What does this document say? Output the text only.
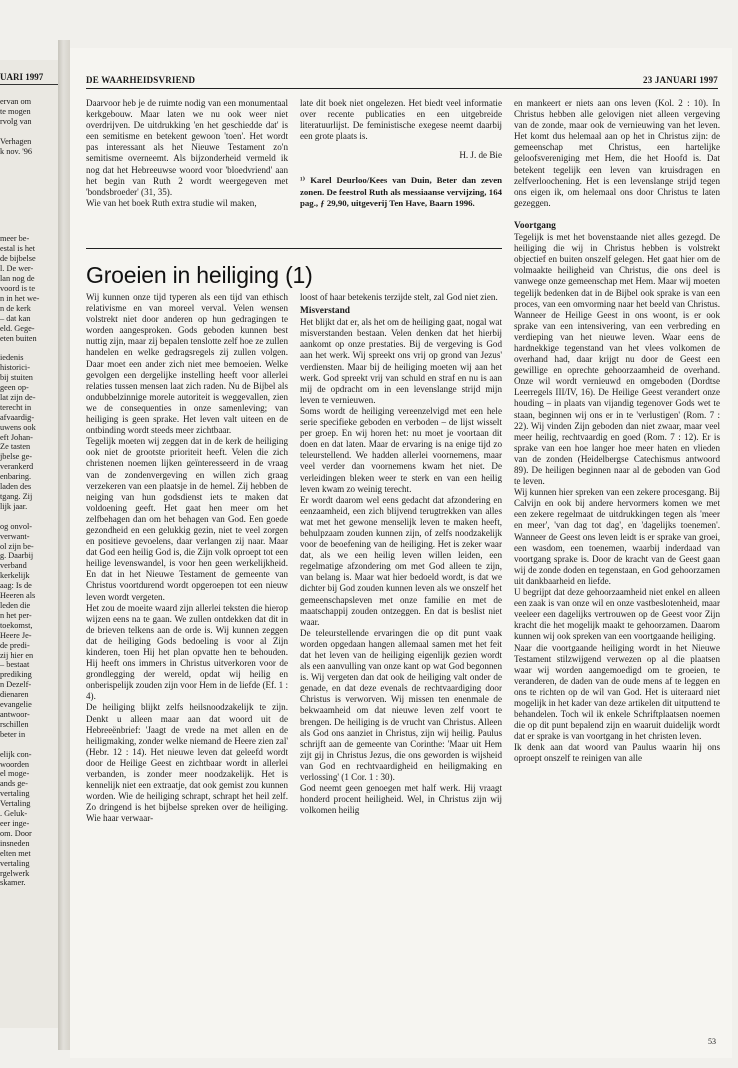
UARI 1997

ervan om

te mogen

rvolg van

Verhagen

k nov. '96

meer be-

estal is het

de bijbelse

l. De wer-

lan nog de

voord is te

n in het we-

n de kerk

– dat kan

eld. Gege-

eten buiten

iedenis

historici-

bij stuiten

geen op-

lat zijn de-

terecht in

afvaardig-

uwens ook

eft Johan-

Ze tasten

jbelse ge-

verankerd

enbaring.

laden des

tgang. Zij

lijk jaar.

og onvol-

verwant-

ol zijn be-

g. Daarbij

verband

kerkelijk

aag: Is de

Heeren als

leden die

n het per-

toekomst,

Heere Je-

de predi-

zij hier en

– bestaat

prediking

n Dezelf-

dienaren

evangelie

antwoor-

rschillen

beter in

elijk con-

woorden

el moge-

ands ge-

vertaling

Vertaling

. Geluk-

eer inge-

om. Door

insneden

elten met

vertaling

rgelwerk

skamer.

DE WAARHEIDSVRIEND	23 JANUARI 1997

Daarvoor heb je de ruimte nodig van een monumentaal kerkgebouw. Maar laten we nu ook weer niet overdrijven. De uitdrukking 'en het geschiedde dat' is een semitisme en betekent gewoon 'toen'. Het wordt pas interessant als het Nieuwe Testament zo'n semitisme overneemt. Als bijzonderheid vermeld ik nog dat het Hebreeuwse woord voor 'bloedvriend' aan het begin van Ruth 2 wordt weergegeven met 'bondsbroeder' (31, 35).

Wie van het boek Ruth extra studie wil maken,

late dit boek niet ongelezen. Het biedt veel informatie over recente publicaties en een uitgebreide literatuurlijst. De feministische exegese neemt daarbij een grote plaats is.

H. J. de Bie

¹⁾ Karel Deurloo/Kees van Duin, Beter dan zeven zonen. De feestrol Ruth als messiaanse vervijzing, 164 pag., ƒ 29,90, uitgeverij Ten Have, Baarn 1996.

Groeien in heiliging (1)

Wij kunnen onze tijd typeren als een tijd van ethisch relativisme en van moreel verval. Velen wensen volstrekt niet door anderen op hun gedragingen te worden aangesproken. Gods geboden kunnen best nuttig zijn, maar zij bepalen tenslotte zelf hoe ze zullen handelen en welke gedragsregels zij zullen volgen. Daar moet een ander zich niet mee bemoeien. Welke gevolgen een dergelijke instelling heeft voor allerlei relaties tussen mensen laat zich raden. Nu de Bijbel als ondubbelzinnige morele autoriteit is weggevallen, zien we de consequenties in onze samenleving; van heiliging is geen sprake. Het leven valt uiteen en de ontbinding wordt steeds meer zichtbaar.

Tegelijk moeten wij zeggen dat in de kerk de heiliging ook niet de grootste prioriteit heeft. Velen die zich christenen noemen lijken geïnteresseerd in de vraag van de zondenvergeving en willen zich graag verzekeren van een plaatsje in de hemel. Zij hebben de neiging van hun godsdienst iets te maken dat voldoening geeft. Het gaat hen meer om het zelfbehagen dan om het behagen van God. Een goede gezondheid en een gelukkig gezin, niet te veel zorgen en positieve gevoelens, daar verlangen zij naar. Maar dat God een heilig God is, die Zijn volk oproept tot een heilige levenswandel, is voor hen geen werkelijkheid. En dat in het Nieuwe Testament de gemeente van Christus voortdurend wordt opgeroepen tot een nieuw leven wordt vergeten.

Het zou de moeite waard zijn allerlei teksten die hierop wijzen eens na te gaan. We zullen ontdekken dat dit in de brieven telkens aan de orde is. Wij kunnen zeggen dat de heiliging Gods bedoeling is voor al Zijn kinderen, toen Hij het plan opvatte hen te behouden. Hij heeft ons immers in Christus uitverkoren voor de grondlegging der wereld, opdat wij heilig en onberispelijk zouden zijn voor Hem in de liefde (Ef. 1 : 4).

De heiliging blijkt zelfs heilsnoodzakelijk te zijn. Denkt u alleen maar aan dat woord uit de Hebreeënbrief: 'Jaagt de vrede na met allen en de heiligmaking, zonder welke niemand de Heere zien zal' (Hebr. 12 : 14). Het nieuwe leven dat geleefd wordt door de Heilige Geest en zichtbaar wordt in allerlei verbanden, is zonder meer noodzakelijk. Het is kennelijk niet een extraatje, dat ook gemist zou kunnen worden. Wie de heiliging schrapt, schrapt het heil zelf. Zo dringend is het bijbelse spreken over de heiliging. Wie haar verwaar-

loost of haar betekenis terzijde stelt, zal God niet zien.

Misverstand

Het blijkt dat er, als het om de heiliging gaat, nogal wat misverstanden bestaan. Velen denken dat het hierbij aankomt op onze prestaties. Bij de vergeving is God aan het werk. Wij spreekt ons vrij op grond van Jezus' verdiensten. Maar bij de heiliging moeten wij aan het werk. God spreekt vrij van schuld en straf en nu is aan mij de opdracht om in een levenslange strijd mijn leven te vernieuwen.

Soms wordt de heiliging vereenzelvigd met een hele serie specifieke geboden en verboden – de lijst wisselt per groep. En wij horen het: nu moet je voortaan dit doen en dat laten. Maar de ervaring is na enige tijd zo teleurstellend. We hadden allerlei voornemens, maar veel verder dan voornemens kwam het niet. De verleidingen bleken weer te sterk en van een heilig leven kwam zo weinig terecht.

Er wordt daarom wel eens gedacht dat afzondering en eenzaamheid, een zich blijvend terugtrekken van alles wat met het gewone menselijk leven te maken heeft, behulpzaam zouden kunnen zijn, of zelfs noodzakelijk voor de beoefening van de heiliging. Het is zeker waar dat, als we een heilig leven willen leiden, een regelmatige afzondering om met God alleen te zijn, van belang is. Maar wat hier bedoeld wordt, is dat we dichter bij God zouden kunnen leven als we onszelf het gemeenschapsleven met onze familie en met de maatschappij zouden ontzeggen. En dat is beslist niet waar.

De teleurstellende ervaringen die op dit punt vaak worden opgedaan hangen allemaal samen met het feit dat het leven van de heiliging eigenlijk gezien wordt als een aanvulling van onze kant op wat God begonnen is. Wij vergeten dan dat ook de heiliging valt onder de genade, en dat deze evenals de rechtvaardiging door Christus is verworven. Wij missen ten enenmale de bekwaamheid om dat nieuwe leven zelf voort te brengen. De heiliging is de vrucht van Christus. Alleen als God ons aanziet in Christus, zijn wij heilig. Paulus schrijft aan de gemeente van Corinthe: 'Maar uit Hem zijt gij in Christus Jezus, die ons geworden is wijsheid van God en rechtvaardigheid en heiligmaking en verlossing' (1 Cor. 1 : 30).

God neemt geen genoegen met half werk. Hij vraagt honderd procent heiligheid. Wel, in Christus zijn wij volkomen heilig

en mankeert er niets aan ons leven (Kol. 2 : 10). In Christus hebben alle gelovigen niet alleen vergeving van de zonde, maar ook de vernieuwing van het leven. Het komt dus helemaal aan op het in Christus zijn: de gemeenschap met Christus, een hartelijke geloofsvereniging met Hem, die het Hoofd is. Dat betekent tegelijk een leven van kruisdragen en zelfverloochening. Het is een levenslange strijd tegen ons eigen ik, om helemaal ons door Christus te laten gezeggen.

Voortgang

Tegelijk is met het bovenstaande niet alles gezegd. De heiliging die wij in Christus hebben is volstrekt objectief en buiten onszelf gelegen. Het gaat hier om de volmaakte heiligheid van Christus, die ons deel is vanwege onze gemeenschap met Hem. Maar wij moeten tegelijk bedenken dat in de Bijbel ook sprake is van een proces, van een omvorming naar het beeld van Christus. Wanneer de Heilige Geest in ons woont, is er ook sprake van een intensivering, van een verbreding en verdieping van het nieuwe leven. Waar eens de hardnekkige tegenstand van het vlees volkomen de overhand had, daar krijgt nu door de Geest een gewillige en oprechte gehoorzaamheid de overhand. Onze wil wordt vernieuwd en omgeboden (Dordtse Leerregels III/IV, 16). De Heilige Geest verandert onze houding – in plaats van vijandig tegenover Gods wet te staan, beginnen wij ons er in te 'verlustigen' (Rom. 7 : 22). Wij vinden Zijn geboden dan niet zwaar, maar veel meer heilig, rechtvaardig en goed (Rom. 7 : 12). Er is sprake van een hoe langer hoe meer haten en vlieden van de zonden (Heidelbergse Catechismus antwoord 89). De heiligen beginnen naar al de geboden van God te leven.

Wij kunnen hier spreken van een zekere procesgang. Bij Calvijn en ook bij andere hervormers komen we met een zekere regelmaat de uitdrukkingen tegen als 'meer en meer', 'van dag tot dag', en 'dagelijks toenemen'. Wanneer de Geest ons leven leidt is er sprake van groei, een wasdom, een toenemen, waarbij inderdaad van voortgang sprake is. Door de kracht van de Geest gaan wij de zonde doden en tegenstaan, en God gehoorzamen uit dankbaarheid en liefde.

U begrijpt dat deze gehoorzaamheid niet enkel en alleen een zaak is van onze wil en onze vastbeslotenheid, maar veeleer een dagelijks vertrouwen op de Geest voor Zijn kracht die het mogelijk maakt te gehoorzamen. Daarom kunnen wij ook spreken van een voortgaande heiliging.

Naar die voortgaande heiliging wordt in het Nieuwe Testament stilzwijgend verwezen op al die plaatsen waar wij worden aangemoedigd om te groeien, te veranderen, de daden van de oude mens af te leggen en ons te richten op de wil van God. Het is uiteraard niet mogelijk in het kader van deze artikelen dit uitputtend te behandelen. Toch wil ik enkele Schriftplaatsen noemen die op dit punt bepalend zijn en waaruit duidelijk wordt dat er sprake is van voortgang in het christen leven.

Ik denk aan dat woord van Paulus waarin hij ons oproept onszelf te reinigen van alle

53
